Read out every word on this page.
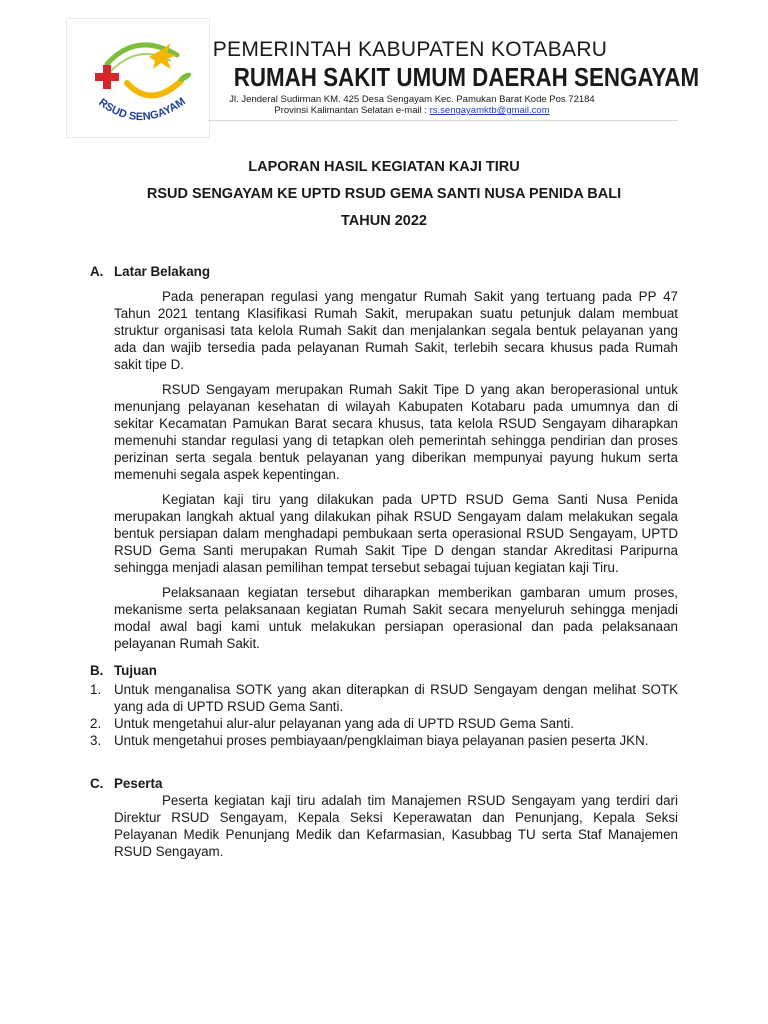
RSUD SENGAYAM
PEMERINTAH KABUPATEN KOTABARU
RUMAH SAKIT UMUM DAERAH SENGAYAM
Jl. Jenderal Sudirman KM. 425 Desa Sengayam Kec. Pamukan Barat Kode Pos 72184
Provinsi Kalimantan Selatan e-mail : rs.sengayamktb@gmail.com
LAPORAN HASIL KEGIATAN KAJI TIRU
RSUD SENGAYAM KE UPTD RSUD GEMA SANTI NUSA PENIDA BALI
TAHUN 2022
A. Latar Belakang

Pada penerapan regulasi yang mengatur Rumah Sakit yang tertuang pada PP 47 Tahun 2021 tentang Klasifikasi Rumah Sakit, merupakan suatu petunjuk dalam membuat struktur organisasi tata kelola Rumah Sakit dan menjalankan segala bentuk pelayanan yang ada dan wajib tersedia pada pelayanan Rumah Sakit, terlebih secara khusus pada Rumah sakit tipe D.

RSUD Sengayam merupakan Rumah Sakit Tipe D yang akan beroperasional untuk menunjang pelayanan kesehatan di wilayah Kabupaten Kotabaru pada umumnya dan di sekitar Kecamatan Pamukan Barat secara khusus, tata kelola RSUD Sengayam diharapkan memenuhi standar regulasi yang di tetapkan oleh pemerintah sehingga pendirian dan proses perizinan serta segala bentuk pelayanan yang diberikan mempunyai payung hukum serta memenuhi segala aspek kepentingan.

Kegiatan kaji tiru yang dilakukan pada UPTD RSUD Gema Santi Nusa Penida merupakan langkah aktual yang dilakukan pihak RSUD Sengayam dalam melakukan segala bentuk persiapan dalam menghadapi pembukaan serta operasional RSUD Sengayam, UPTD RSUD Gema Santi merupakan Rumah Sakit Tipe D dengan standar Akreditasi Paripurna sehingga menjadi alasan pemilihan tempat tersebut sebagai tujuan kegiatan kaji Tiru.

Pelaksanaan kegiatan tersebut diharapkan memberikan gambaran umum proses, mekanisme serta pelaksanaan kegiatan Rumah Sakit secara menyeluruh sehingga menjadi modal awal bagi kami untuk melakukan persiapan operasional dan pada pelaksanaan pelayanan Rumah Sakit.

B. Tujuan
1. Untuk menganalisa SOTK yang akan diterapkan di RSUD Sengayam dengan melihat SOTK yang ada di UPTD RSUD Gema Santi.
2. Untuk mengetahui alur-alur pelayanan yang ada di UPTD RSUD Gema Santi.
3. Untuk mengetahui proses pembiayaan/pengklaiman biaya pelayanan pasien peserta JKN.
C. Peserta

Peserta kegiatan kaji tiru adalah tim Manajemen RSUD Sengayam yang terdiri dari Direktur RSUD Sengayam, Kepala Seksi Keperawatan dan Penunjang, Kepala Seksi Pelayanan Medik Penunjang Medik dan Kefarmasian, Kasubbag TU serta Staf Manajemen RSUD Sengayam.
